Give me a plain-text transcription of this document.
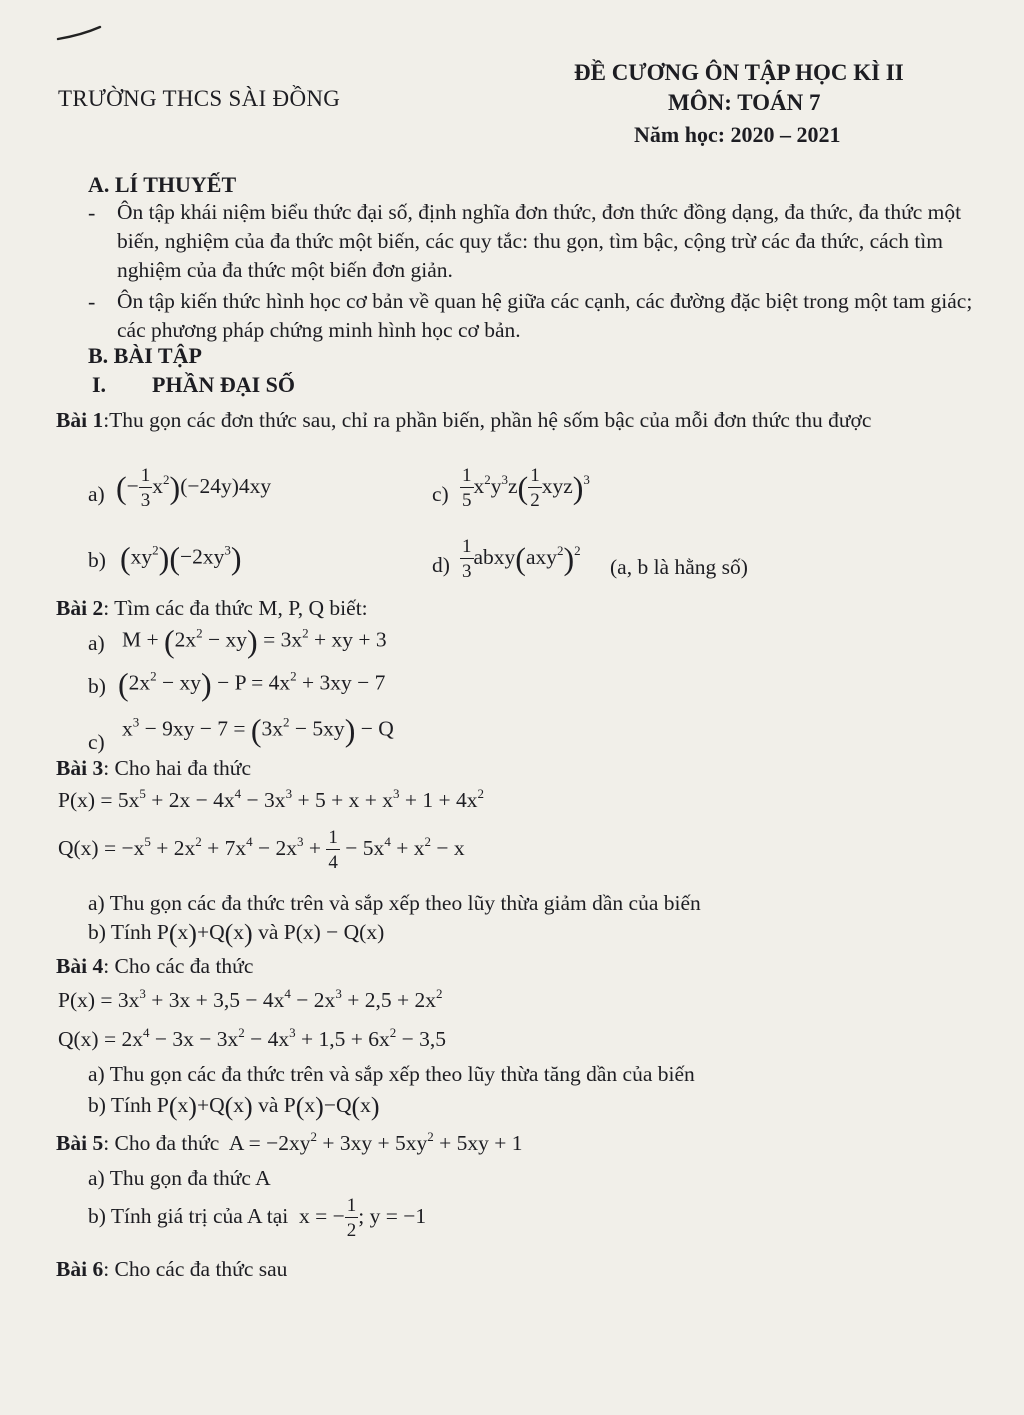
TRƯỜNG THCS SÀI ĐỒNG
ĐỀ CƯƠNG ÔN TẬP HỌC KÌ II
MÔN: TOÁN 7
Năm học: 2020 – 2021
A. LÍ THUYẾT
- Ôn tập khái niệm biểu thức đại số, định nghĩa đơn thức, đơn thức đồng dạng, đa thức, đa thức một biến, nghiệm của đa thức một biến, các quy tắc: thu gọn, tìm bậc, cộng trừ các đa thức, cách tìm nghiệm của đa thức một biến đơn giản.
- Ôn tập kiến thức hình học cơ bản về quan hệ giữa các cạnh, các đường đặc biệt trong một tam giác; các phương pháp chứng minh hình học cơ bản.
B. BÀI TẬP
I. PHẦN ĐẠI SỐ
Bài 1:Thu gọn các đơn thức sau, chỉ ra phần biến, phần hệ sốm bậc của mỗi đơn thức thu được
a) (− $\frac{1}{3} x^2)(-24y)4xy$	$c) \frac{1}{5} x^2y^3z( \frac{1}{2} xyz)^3$
b) $(xy^2)(-2xy^3)$	$d) \frac{1}{3}$ $abxy(axy^2)^2$
(a, b là hằng số)
Bài 2: Tìm các đa thức M, P, Q biết:
a) $M + (2x^2 - xy) = 3x^2$ + xy + 3
b) $(2x^2 - xy) - P = 4x^2 + 3xy - 7$
$x^3 - 9xy - 7 = (3x^2 - 5xy) - Q$
c)
Bài 3: Cho hai đa thức
$P(x) = 5x^5 + 2x - 4x^4 - 3x^3 + 5 + x + x^3 + 1 + 4x^2$
$Q(x) = -x^5 + 2x^2 + 7x^4 - 2x^3 + \frac{1}{4} - 5x^4 + x^2 - x$
a) Thu gọn các đa thức trên và sắp xếp theo lũy thừa giảm dần của biến
b) Tính P(x)+Q(x) và P(x) − Q(x)
Bài 4: Cho các đa thức
$P(x) = 3x^3 + 3x + 3,5 - 4x^4 - 2x^3 + 2,5 + 2x^2$
$Q(x) = 2x^4 - 3x - 3x^2 - 4x^3 + 1,5 + 6x^2 - 3,5$
a) Thu gọn các đa thức trên và sắp xếp theo lũy thừa tăng dần của biến
b) Tính P(x)+Q(x) và P(x)−Q(x)
Bài 5: Cho đa thức  $A = -2xy^2 + 3xy + 5xy^2 + 5xy + 1$
a) Thu gọn đa thức A
b) Tính giá trị của A tại  x = − $\frac{1}{2}$ ; y = −1
Bài 6: Cho các đa thức sau
